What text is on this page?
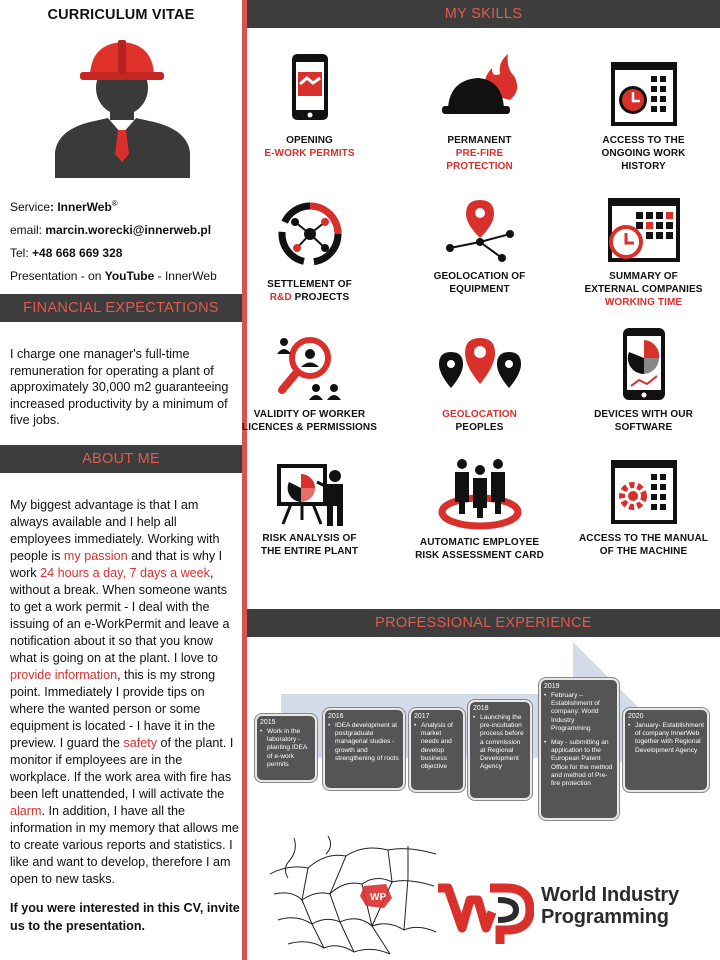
CURRICULUM VITAE
Service: InnerWeb®
email: marcin.worecki@innerweb.pl
Tel: +48 668 669 328
Presentation - on YouTube - InnerWeb
FINANCIAL EXPECTATIONS
I charge one manager's full-time remuneration for operating a plant of approximately 30,000 m2 guaranteeing increased productivity by a minimum of five jobs.
ABOUT ME
My biggest advantage is that I am always available and I help all employees immediately. Working with people is my passion and that is why I work 24 hours a day, 7 days a week, without a break. When someone wants to get a work permit - I deal with the issuing of an e-WorkPermit and leave a notification about it so that you know what is going on at the plant. I love to provide information, this is my strong point. Immediately I provide tips on where the wanted person or some equipment is located - I have it in the preview. I guard the safety of the plant. I monitor if employees are in the workplace. If the work area with fire has been left unattended, I will activate the alarm. In addition, I have all the information in my memory that allows me to create various reports and statistics. I like and want to develop, therefore I am open to new tasks.
If you were interested in this CV, invite us to the presentation.
MY SKILLS
OPENING
E-WORK PERMITS
PERMANENT
PRE-FIRE
PROTECTION
ACCESS TO THE
ONGOING WORK
HISTORY
SETTLEMENT OF
R&D PROJECTS
GEOLOCATION OF
EQUIPMENT
SUMMARY OF
EXTERNAL COMPANIES
WORKING TIME
VALIDITY OF WORKER
LICENCES & PERMISSIONS
GEOLOCATION
PEOPLES
DEVICES WITH OUR
SOFTWARE
RISK ANALYSIS OF
THE ENTIRE PLANT
AUTOMATIC EMPLOYEE
RISK ASSESSMENT CARD
ACCESS TO THE MANUAL
OF THE MACHINE
PROFESSIONAL EXPERIENCE
2015
• Work in the laboratory - planting IDEA of e-work permits
2016
• IDEA development at postgraduate managerial studies - growth and strengthening of roots
2017
• Analysis of market needs and develop business objective
2018
• Launching the pre-incubation process before a commission at Regional Development Agency
2019
• February – Establishment of company: World Industry Programming
• May - submitting an application to the European Patent Office for the method and method of Pre-fire protection
2020
• January- Establishment of company InnerWeb together with Regional Development Agency
WP	World Industry
Programming
